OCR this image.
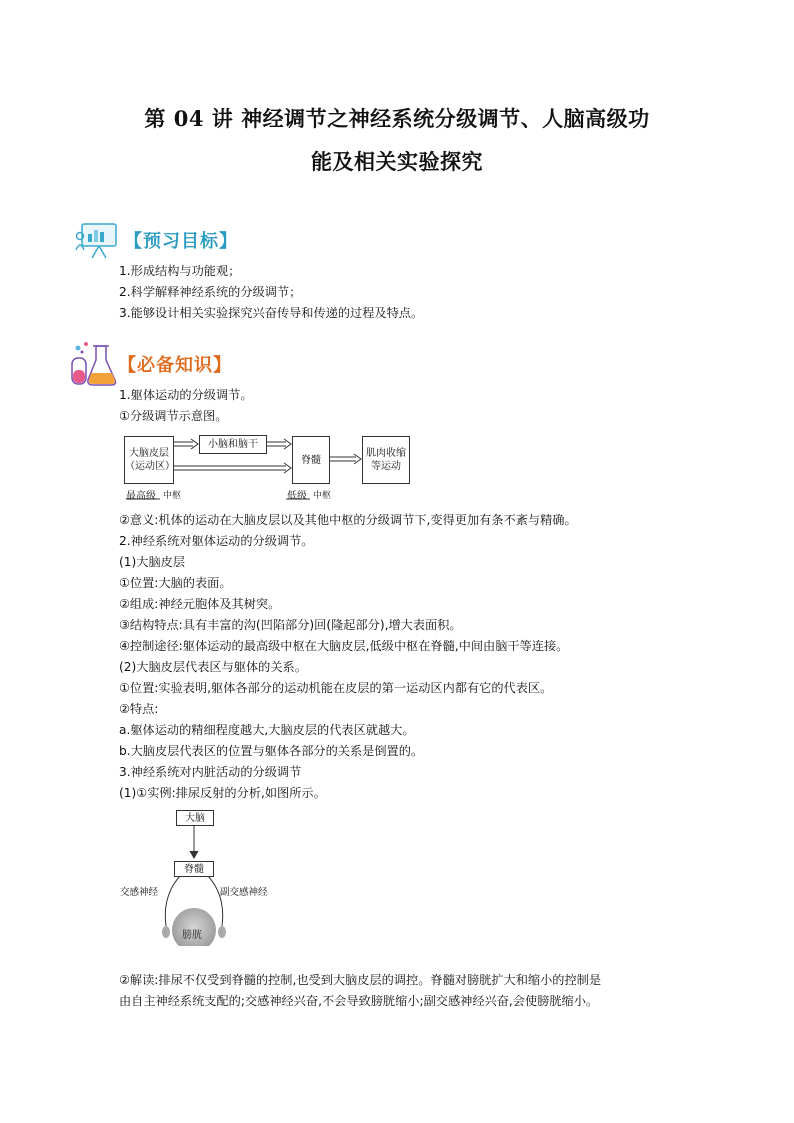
第 04 讲 神经调节之神经系统分级调节、人脑高级功
能及相关实验探究
【预习目标】
1.形成结构与功能观；
2.科学解释神经系统的分级调节；
3.能够设计相关实验探究兴奋传导和传递的过程及特点。
【必备知识】
1.躯体运动的分级调节。
①分级调节示意图。
大脑皮层（运动区）
小脑和脑干
脊髓
肌肉收缩等运动
最高级 中枢	低级 中枢
②意义:机体的运动在大脑皮层以及其他中枢的分级调节下,变得更加有条不紊与精确。
2.神经系统对躯体运动的分级调节。
(1)大脑皮层
①位置:大脑的表面。
②组成:神经元胞体及其树突。
③结构特点:具有丰富的沟(凹陷部分)回(隆起部分),增大表面积。
④控制途径:躯体运动的最高级中枢在大脑皮层,低级中枢在脊髓,中间由脑干等连接。
(2)大脑皮层代表区与躯体的关系。
①位置:实验表明,躯体各部分的运动机能在皮层的第一运动区内都有它的代表区。
②特点:
a.躯体运动的精细程度越大,大脑皮层的代表区就越大。
b.大脑皮层代表区的位置与躯体各部分的关系是倒置的。
3.神经系统对内脏活动的分级调节
(1)①实例:排尿反射的分析,如图所示。
大脑
脊髓
交感神经	副交感神经
膀胱
②解读:排尿不仅受到脊髓的控制,也受到大脑皮层的调控。脊髓对膀胱扩大和缩小的控制是
由自主神经系统支配的;交感神经兴奋,不会导致膀胱缩小;副交感神经兴奋,会使膀胱缩小。
